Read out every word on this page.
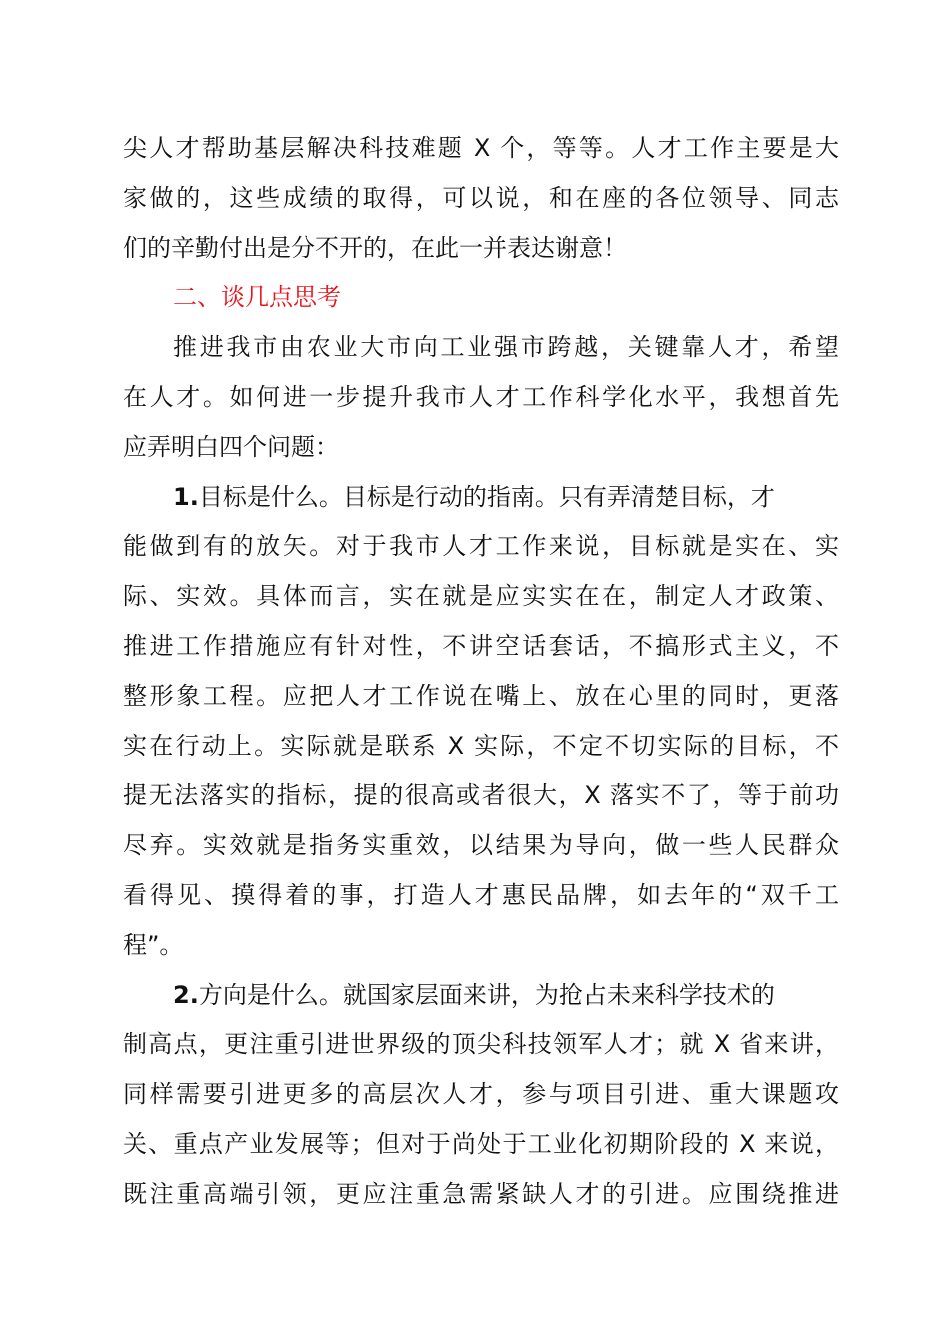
尖人才帮助基层解决科技难题 X 个，等等。人才工作主要是大
家做的，这些成绩的取得，可以说，和在座的各位领导、同志
们的辛勤付出是分不开的，在此一并表达谢意！
二、谈几点思考
推进我市由农业大市向工业强市跨越，关键靠人才，希望
在人才。如何进一步提升我市人才工作科学化水平，我想首先
应弄明白四个问题：
1.目标是什么。目标是行动的指南。只有弄清楚目标，才
能做到有的放矢。对于我市人才工作来说，目标就是实在、实
际、实效。具体而言，实在就是应实实在在，制定人才政策、
推进工作措施应有针对性，不讲空话套话，不搞形式主义，不
整形象工程。应把人才工作说在嘴上、放在心里的同时，更落
实在行动上。实际就是联系 X 实际，不定不切实际的目标，不
提无法落实的指标，提的很高或者很大，X 落实不了，等于前功
尽弃。实效就是指务实重效，以结果为导向，做一些人民群众
看得见、摸得着的事，打造人才惠民品牌，如去年的“双千工
程”。
2.方向是什么。就国家层面来讲，为抢占未来科学技术的
制高点，更注重引进世界级的顶尖科技领军人才；就 X 省来讲，
同样需要引进更多的高层次人才，参与项目引进、重大课题攻
关、重点产业发展等；但对于尚处于工业化初期阶段的 X 来说，
既注重高端引领，更应注重急需紧缺人才的引进。应围绕推进
